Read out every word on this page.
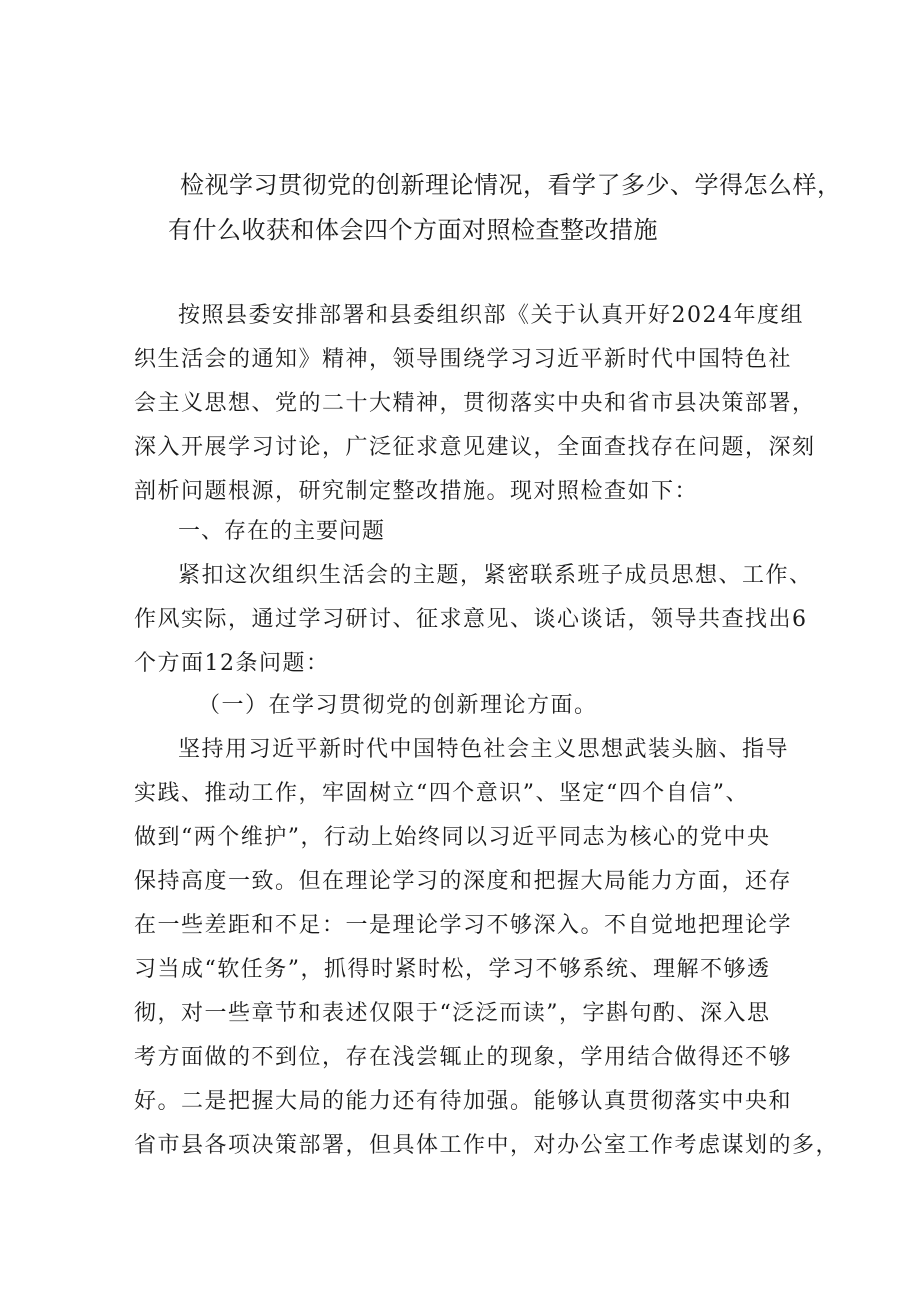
检视学习贯彻党的创新理论情况，看学了多少、学得怎么样，
有什么收获和体会四个方面对照检查整改措施
按照县委安排部署和县委组织部《关于认真开好2024年度组
织生活会的通知》精神，领导围绕学习习近平新时代中国特色社
会主义思想、党的二十大精神，贯彻落实中央和省市县决策部署，
深入开展学习讨论，广泛征求意见建议，全面查找存在问题，深刻
剖析问题根源，研究制定整改措施。现对照检查如下：
一、存在的主要问题
紧扣这次组织生活会的主题，紧密联系班子成员思想、工作、
作风实际，通过学习研讨、征求意见、谈心谈话，领导共查找出6
个方面12条问题：
（一）在学习贯彻党的创新理论方面。
坚持用习近平新时代中国特色社会主义思想武装头脑、指导
实践、推动工作，牢固树立“四个意识”、坚定“四个自信”、
做到“两个维护”，行动上始终同以习近平同志为核心的党中央
保持高度一致。但在理论学习的深度和把握大局能力方面，还存
在一些差距和不足：一是理论学习不够深入。不自觉地把理论学
习当成“软任务”，抓得时紧时松，学习不够系统、理解不够透
彻，对一些章节和表述仅限于“泛泛而读”，字斟句酌、深入思
考方面做的不到位，存在浅尝辄止的现象，学用结合做得还不够
好。二是把握大局的能力还有待加强。能够认真贯彻落实中央和
省市县各项决策部署，但具体工作中，对办公室工作考虑谋划的多，
